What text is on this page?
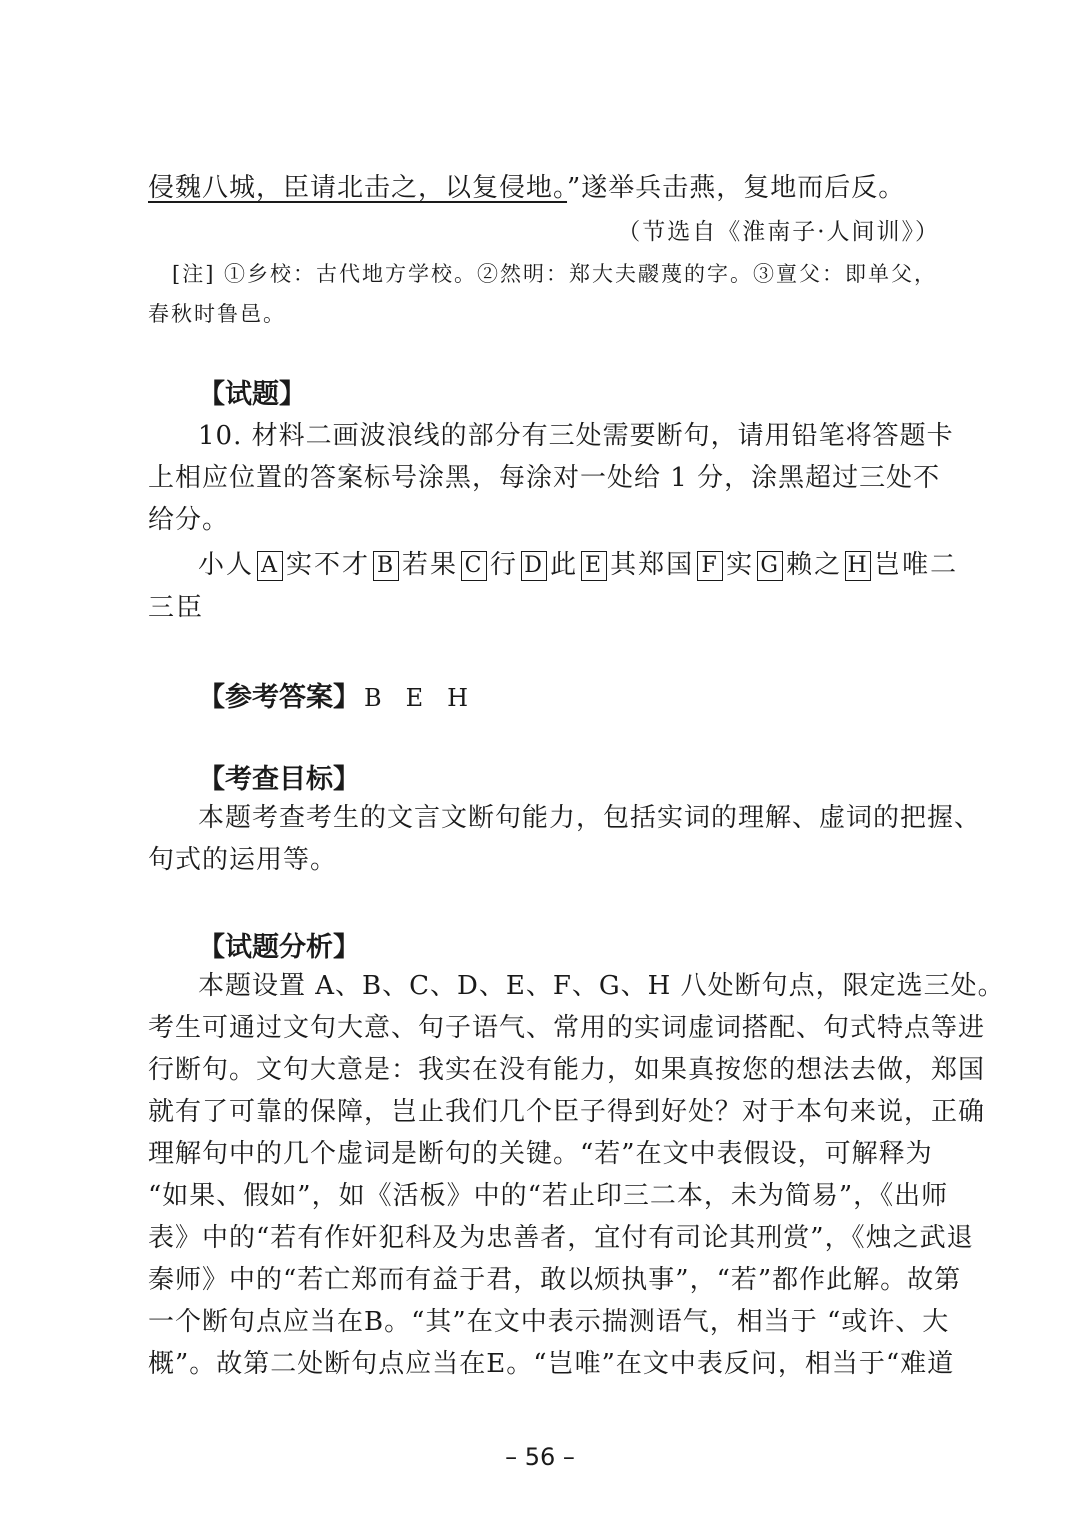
侵魏八城，臣请北击之，以复侵地。”遂举兵击燕，复地而后反。
（节选自《淮南子·人间训》）
[注] ①乡校：古代地方学校。②然明：郑大夫鬷蔑的字。③亶父：即单父，
春秋时鲁邑。
【试题】
10. 材料二画波浪线的部分有三处需要断句，请用铅笔将答题卡
上相应位置的答案标号涂黑，每涂对一处给 1 分，涂黑超过三处不
给分。
小人 A 实不才 B 若果 C 行 D 此 E 其郑国 F 实 G 赖之 H 岂唯二
三臣
【参考答案】 B　E　H
【考查目标】
本题考查考生的文言文断句能力，包括实词的理解、虚词的把握、
句式的运用等。
【试题分析】
本题设置 A、B、C、D、E、F、G、H 八处断句点，限定选三处。
考生可通过文句大意、句子语气、常用的实词虚词搭配、句式特点等进
行断句。文句大意是：我实在没有能力，如果真按您的想法去做，郑国
就有了可靠的保障，岂止我们几个臣子得到好处？对于本句来说，正确
理解句中的几个虚词是断句的关键。“若”在文中表假设，可解释为
“如果、假如”，如《活板》中的“若止印三二本，未为简易”，《出师
表》中的“若有作奸犯科及为忠善者，宜付有司论其刑赏”，《烛之武退
秦师》中的“若亡郑而有益于君，敢以烦执事”，“若”都作此解。故第
一个断句点应当在B。“其”在文中表示揣测语气，相当于 “或许、大
概”。故第二处断句点应当在E。“岂唯”在文中表反问，相当于“难道
– 56 –
